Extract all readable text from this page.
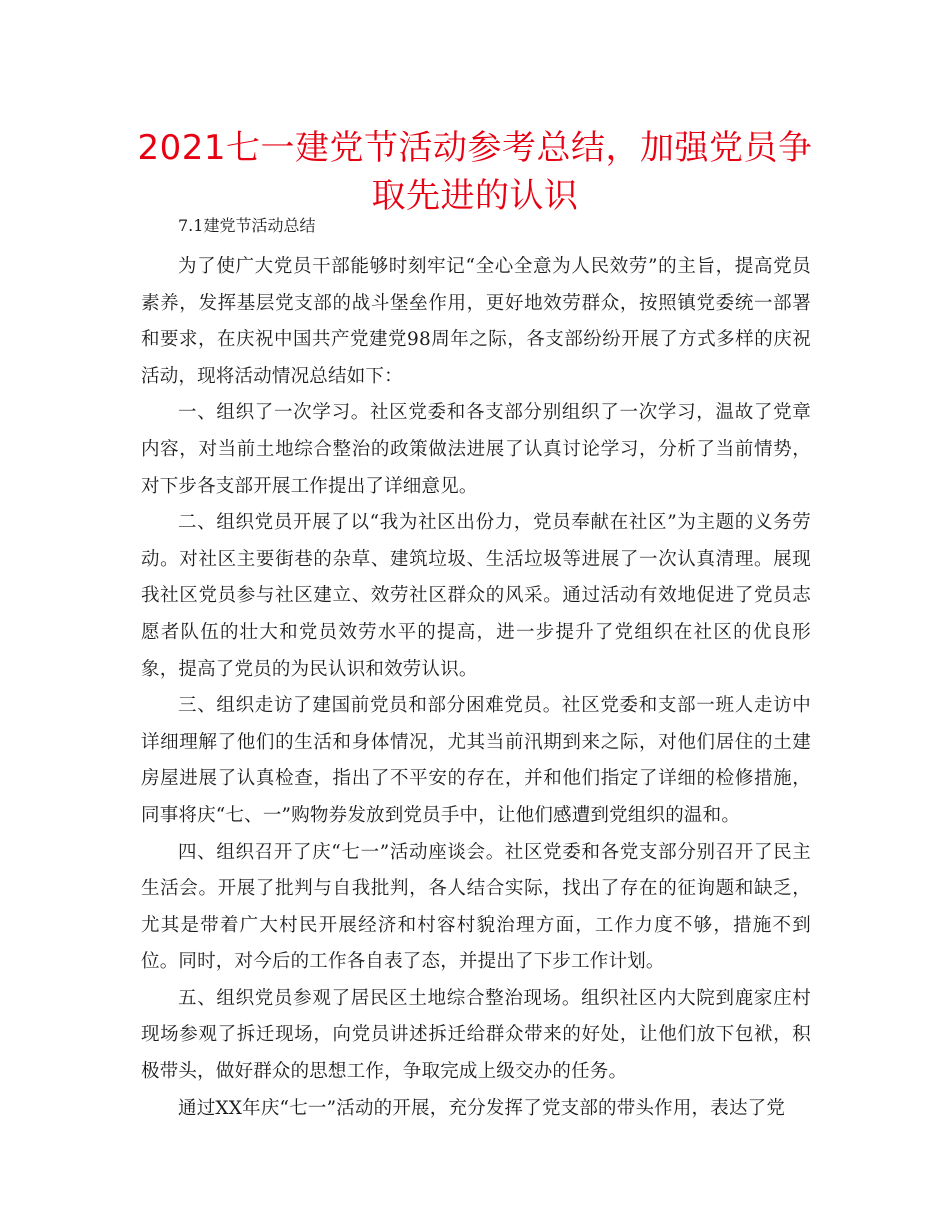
2021七一建党节活动参考总结，加强党员争取先进的认识

7.1建党节活动总结

为了使广大党员干部能够时刻牢记“全心全意为人民效劳”的主旨，提高党员素养，发挥基层党支部的战斗堡垒作用，更好地效劳群众，按照镇党委统一部署和要求，在庆祝中国共产党建党98周年之际，各支部纷纷开展了方式多样的庆祝活动，现将活动情况总结如下：

一、组织了一次学习。社区党委和各支部分别组织了一次学习，温故了党章内容，对当前土地综合整治的政策做法进展了认真讨论学习，分析了当前情势，对下步各支部开展工作提出了详细意见。

二、组织党员开展了以“我为社区出份力，党员奉献在社区”为主题的义务劳动。对社区主要街巷的杂草、建筑垃圾、生活垃圾等进展了一次认真清理。展现我社区党员参与社区建立、效劳社区群众的风采。通过活动有效地促进了党员志愿者队伍的壮大和党员效劳水平的提高，进一步提升了党组织在社区的优良形象，提高了党员的为民认识和效劳认识。

三、组织走访了建国前党员和部分困难党员。社区党委和支部一班人走访中详细理解了他们的生活和身体情况，尤其当前汛期到来之际，对他们居住的土建房屋进展了认真检查，指出了不平安的存在，并和他们指定了详细的检修措施，同事将庆“七、一”购物券发放到党员手中，让他们感遭到党组织的温和。

四、组织召开了庆“七一”活动座谈会。社区党委和各党支部分别召开了民主生活会。开展了批判与自我批判，各人结合实际，找出了存在的征询题和缺乏，尤其是带着广大村民开展经济和村容村貌治理方面，工作力度不够，措施不到位。同时，对今后的工作各自表了态，并提出了下步工作计划。

五、组织党员参观了居民区土地综合整治现场。组织社区内大院到鹿家庄村现场参观了拆迁现场，向党员讲述拆迁给群众带来的好处，让他们放下包袱，积极带头，做好群众的思想工作，争取完成上级交办的任务。

通过XX年庆“七一”活动的开展，充分发挥了党支部的带头作用，表达了党
